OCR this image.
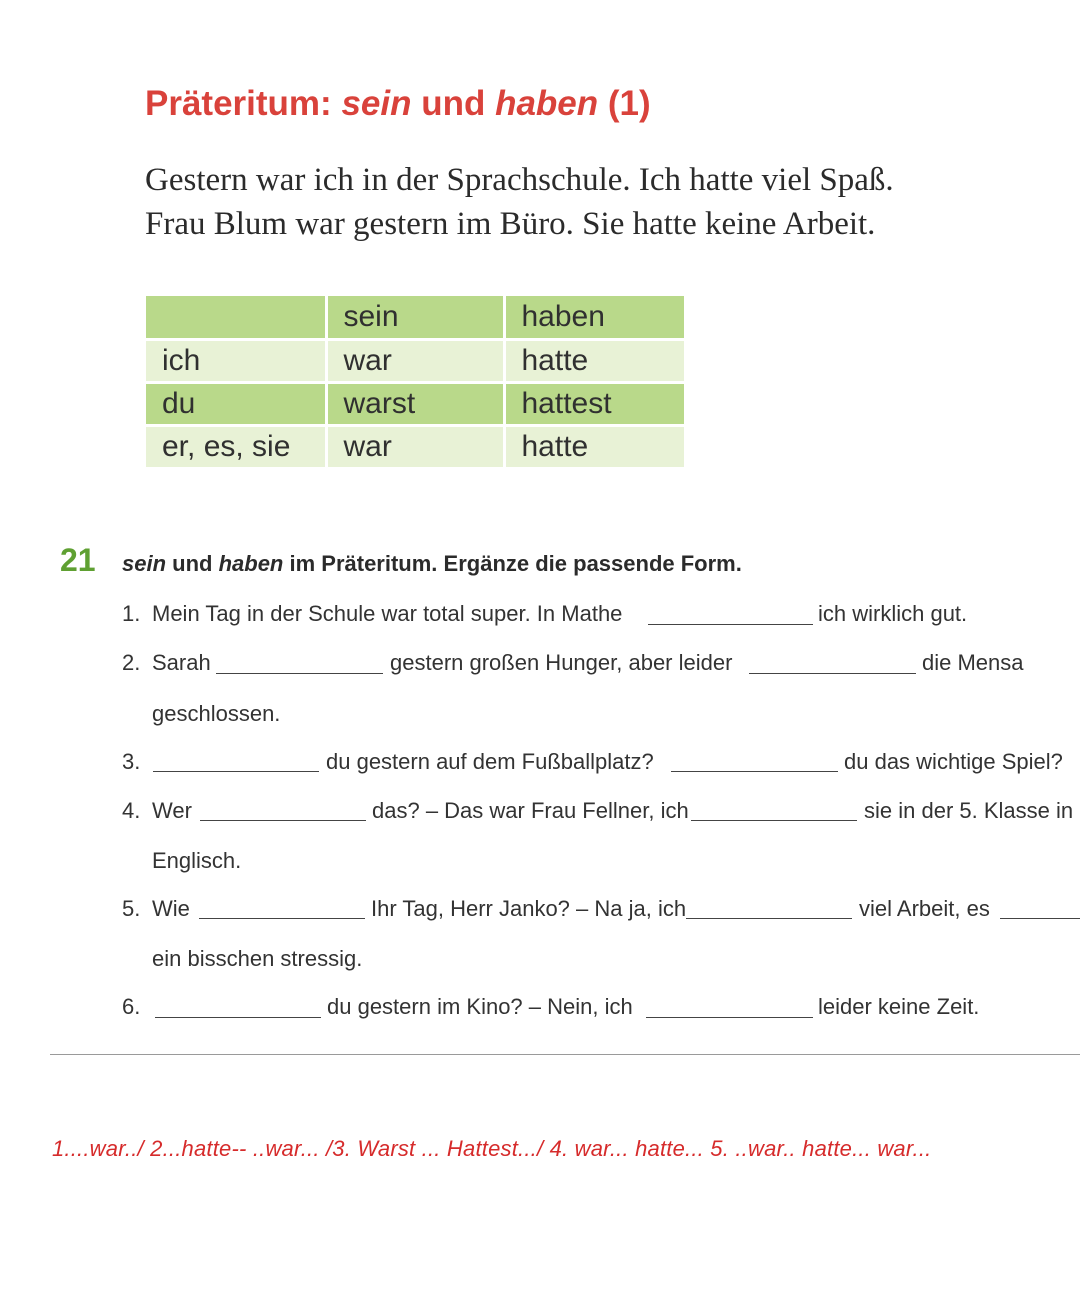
Präteritum: sein und haben (1)
Gestern war ich in der Sprachschule. Ich hatte viel Spaß.
Frau Blum war gestern im Büro. Sie hatte keine Arbeit.
	sein	haben
ich	war	hatte
du	warst	hattest
er, es, sie	war	hatte
21 sein und haben im Präteritum. Ergänze die passende Form.
1. Mein Tag in der Schule war total super. In Mathe	ich wirklich gut.
2. Sarah	gestern großen Hunger, aber leider	die Mensa
geschlossen.
3.	du gestern auf dem Fußballplatz?	du das wichtige Spiel?
4. Wer	das? – Das war Frau Fellner, ich	sie in der 5. Klasse in
Englisch.
5. Wie	Ihr Tag, Herr Janko? – Na ja, ich	viel Arbeit, es
ein bisschen stressig.
6.	du gestern im Kino? – Nein, ich	leider keine Zeit.
1....war../ 2...hatte-- ..war... /3. Warst ... Hattest.../ 4. war... hatte... 5. ..war.. hatte... war...
